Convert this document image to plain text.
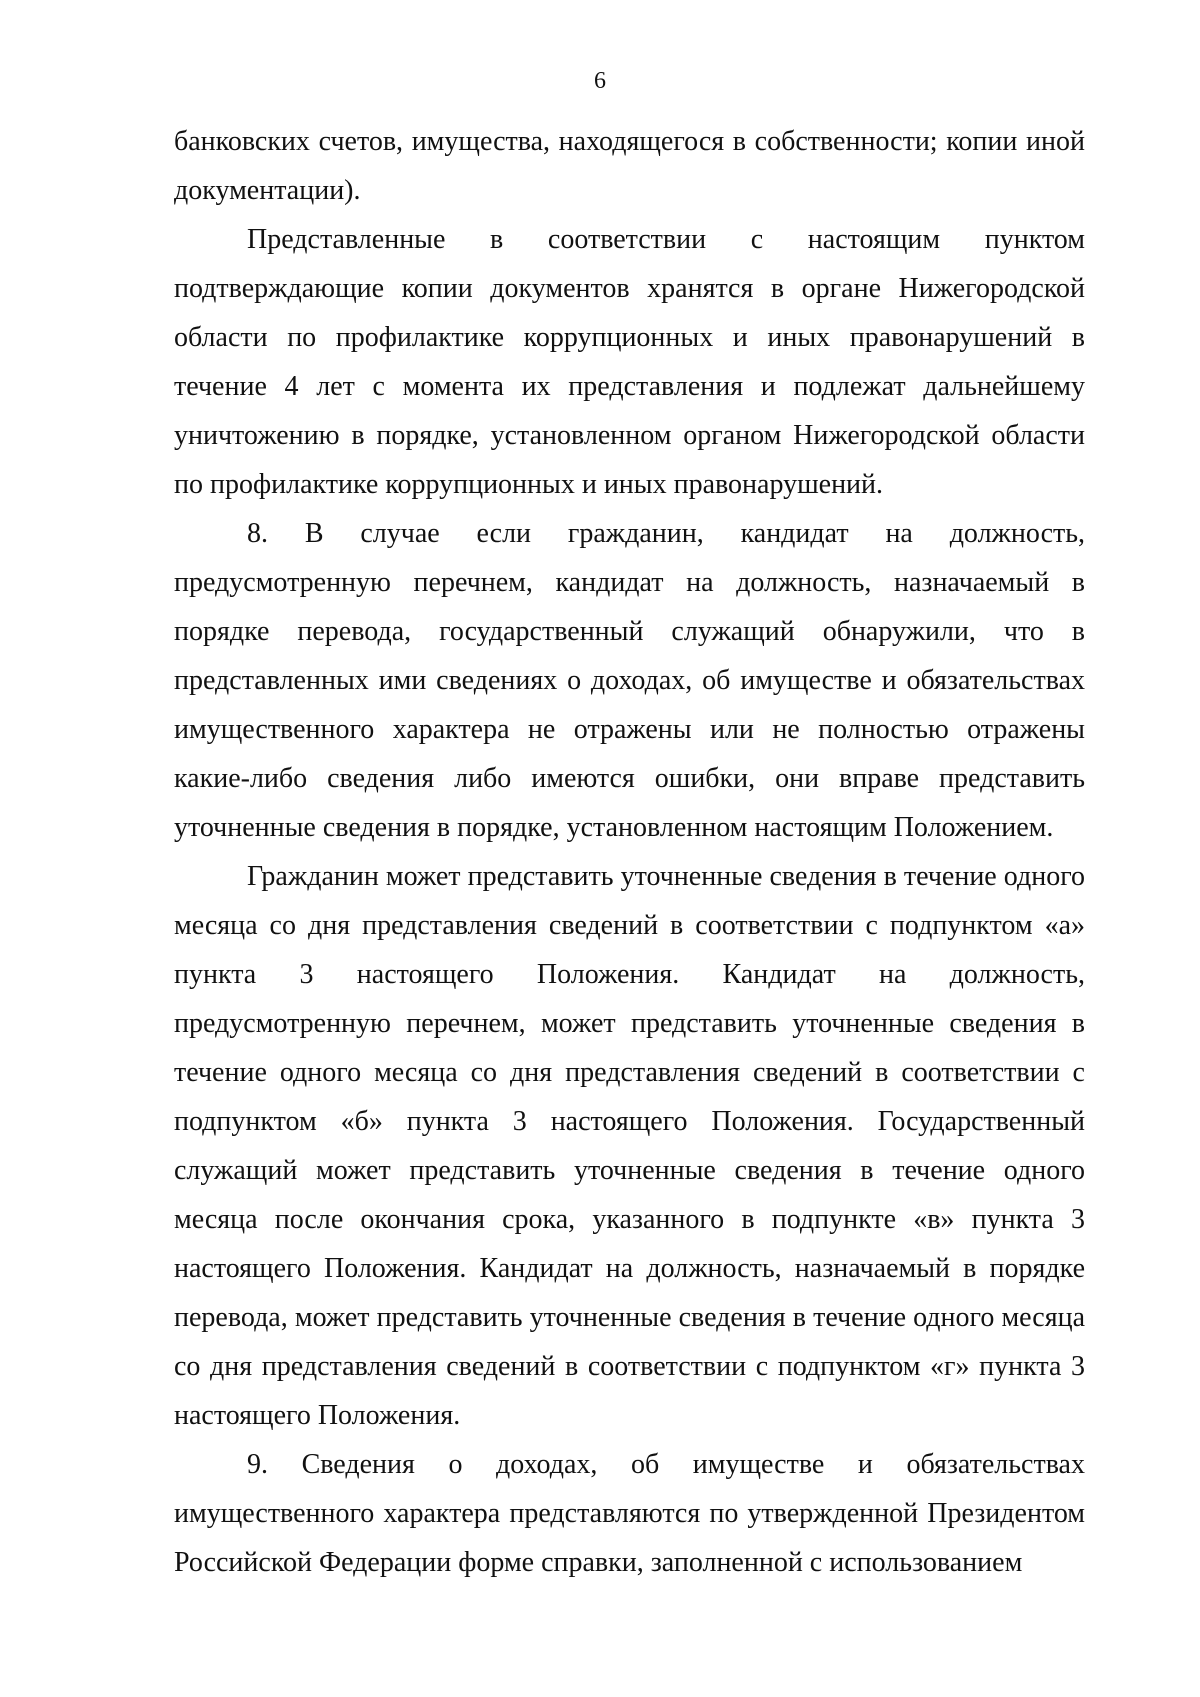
6

банковских счетов, имущества, находящегося в собственности; копии иной документации).

Представленные в соответствии с настоящим пунктом подтверждающие копии документов хранятся в органе Нижегородской области по профилактике коррупционных и иных правонарушений в течение 4 лет с момента их представления и подлежат дальнейшему уничтожению в порядке, установленном органом Нижегородской области по профилактике коррупционных и иных правонарушений.

8. В случае если гражданин, кандидат на должность, предусмотренную перечнем, кандидат на должность, назначаемый в порядке перевода, государственный служащий обнаружили, что в представленных ими сведениях о доходах, об имуществе и обязательствах имущественного характера не отражены или не полностью отражены какие-либо сведения либо имеются ошибки, они вправе представить уточненные сведения в порядке, установленном настоящим Положением.

Гражданин может представить уточненные сведения в течение одного месяца со дня представления сведений в соответствии с подпунктом «а» пункта 3 настоящего Положения. Кандидат на должность, предусмотренную перечнем, может представить уточненные сведения в течение одного месяца со дня представления сведений в соответствии с подпунктом «б» пункта 3 настоящего Положения. Государственный служащий может представить уточненные сведения в течение одного месяца после окончания срока, указанного в подпункте «в» пункта 3 настоящего Положения. Кандидат на должность, назначаемый в порядке перевода, может представить уточненные сведения в течение одного месяца со дня представления сведений в соответствии с подпунктом «г» пункта 3 настоящего Положения.

9. Сведения о доходах, об имуществе и обязательствах имущественного характера представляются по утвержденной Президентом Российской Федерации форме справки, заполненной с использованием
